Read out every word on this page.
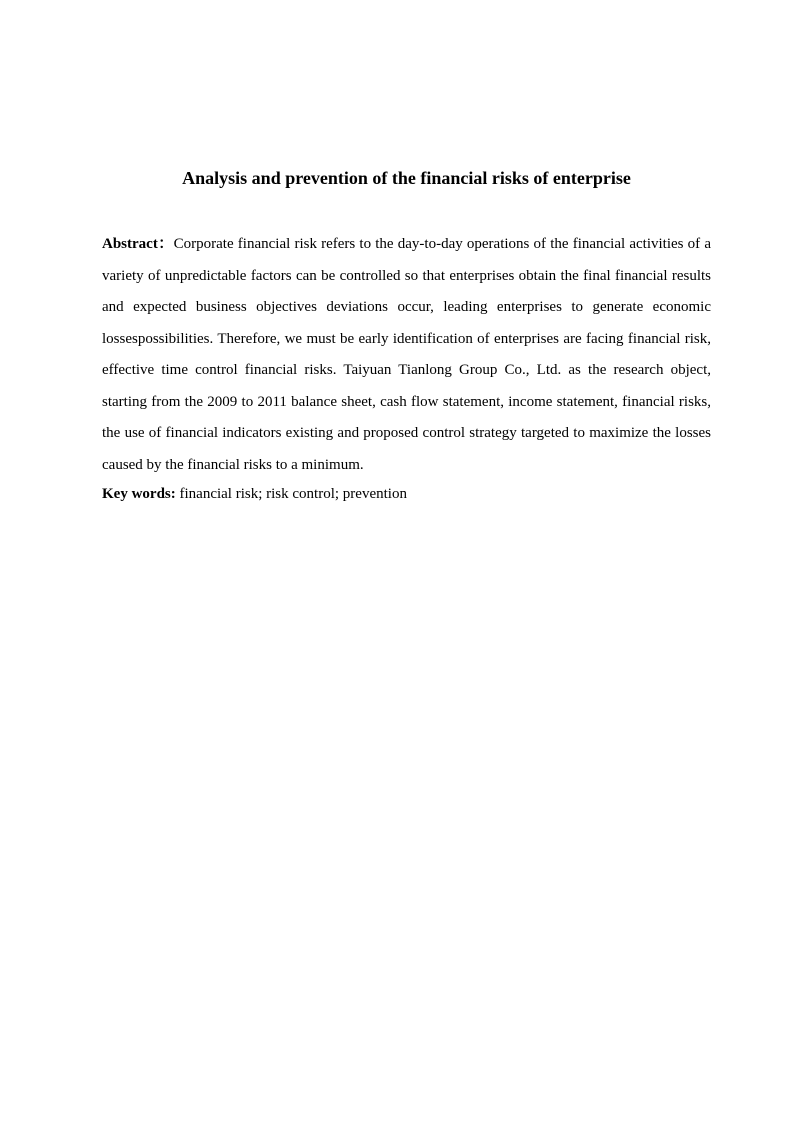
Analysis and prevention of the financial risks of enterprise

Abstract：Corporate financial risk refers to the day-to-day operations of the financial activities of a variety of unpredictable factors can be controlled so that enterprises obtain the final financial results and expected business objectives deviations occur, leading enterprises to generate economic lossespossibilities. Therefore, we must be early identification of enterprises are facing financial risk, effective time control financial risks. Taiyuan Tianlong Group Co., Ltd. as the research object, starting from the 2009 to 2011 balance sheet, cash flow statement, income statement, financial risks, the use of financial indicators existing and proposed control strategy targeted to maximize the losses caused by the financial risks to a minimum.

Key words: financial risk; risk control; prevention
